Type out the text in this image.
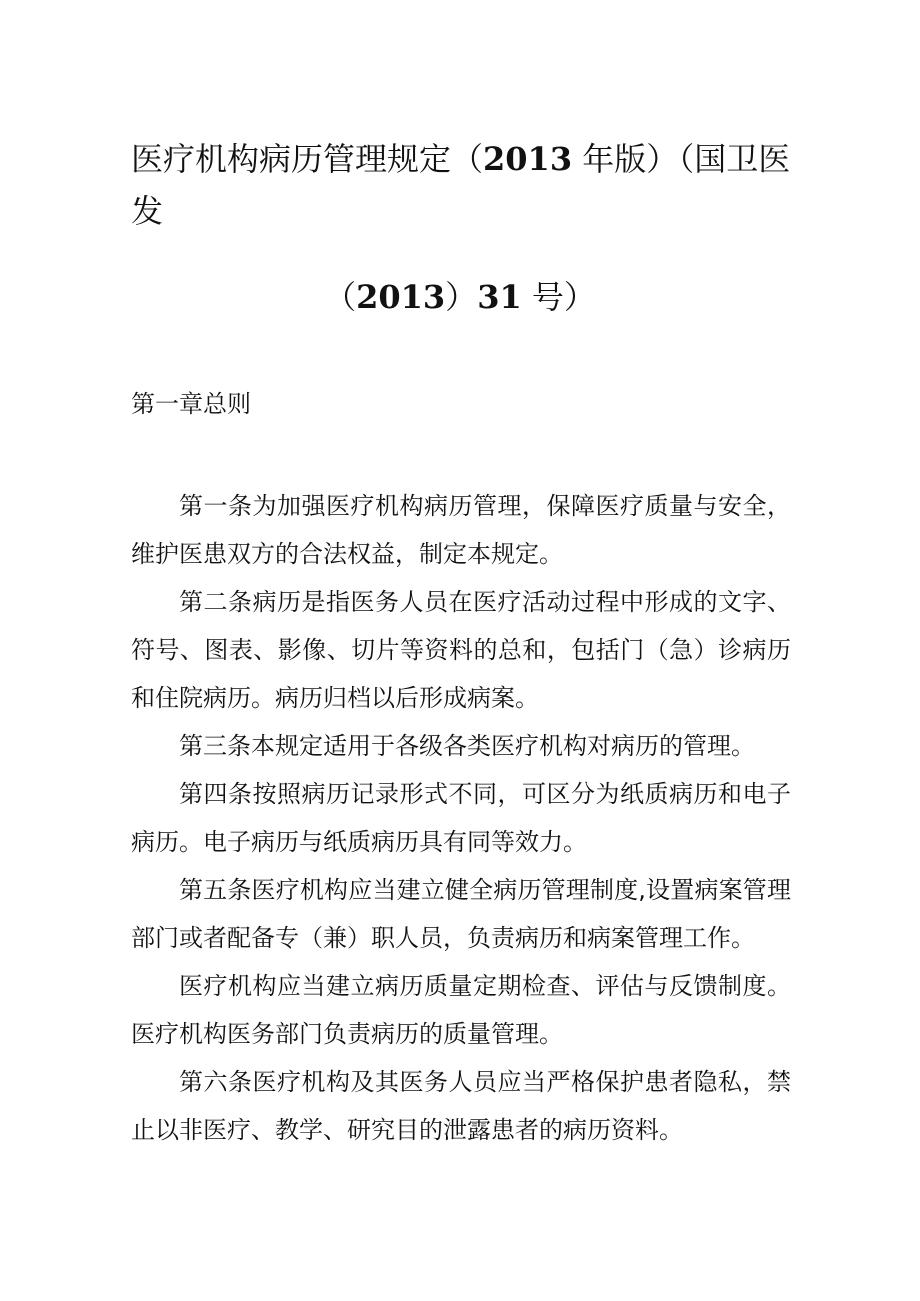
医疗机构病历管理规定（2013 年版）（国卫医
发
（2013）31 号）
第一章总则

第一条为加强医疗机构病历管理，保障医疗质量与安全，维护医患双方的合法权益，制定本规定。

第二条病历是指医务人员在医疗活动过程中形成的文字、符号、图表、影像、切片等资料的总和，包括门（急）诊病历和住院病历。病历归档以后形成病案。

第三条本规定适用于各级各类医疗机构对病历的管理。

第四条按照病历记录形式不同，可区分为纸质病历和电子病历。电子病历与纸质病历具有同等效力。

第五条医疗机构应当建立健全病历管理制度,设置病案管理部门或者配备专（兼）职人员，负责病历和病案管理工作。

医疗机构应当建立病历质量定期检查、评估与反馈制度。医疗机构医务部门负责病历的质量管理。

第六条医疗机构及其医务人员应当严格保护患者隐私，禁止以非医疗、教学、研究目的泄露患者的病历资料。
